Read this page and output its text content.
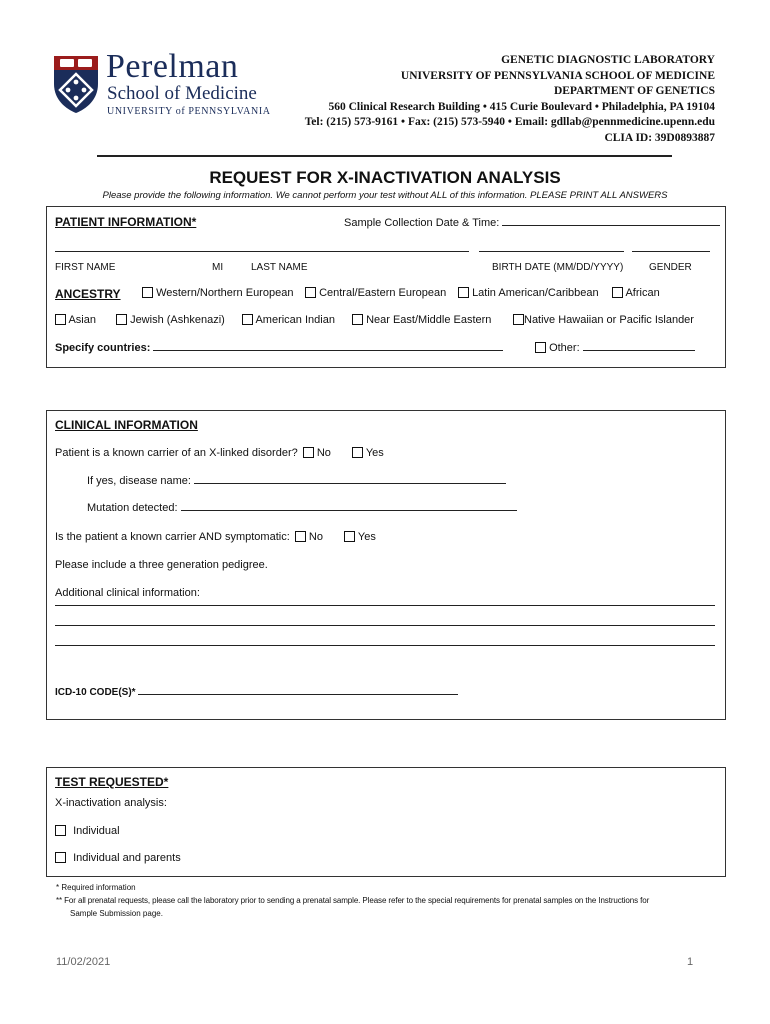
Perelman
School of Medicine
UNIVERSITY of PENNSYLVANIA
GENETIC DIAGNOSTIC LABORATORY
UNIVERSITY OF PENNSYLVANIA SCHOOL OF MEDICINE
DEPARTMENT OF GENETICS
560 Clinical Research Building • 415 Curie Boulevard • Philadelphia, PA 19104
Tel: (215) 573-9161 • Fax: (215) 573-5940 • Email: gdllab@pennmedicine.upenn.edu
CLIA ID: 39D0893887
REQUEST FOR X-INACTIVATION ANALYSIS
Please provide the following information. We cannot perform your test without ALL of this information. PLEASE PRINT ALL ANSWERS
PATIENT INFORMATION*	Sample Collection Date & Time:
FIRST NAME	MI	LAST NAME	BIRTH DATE (MM/DD/YYYY)	GENDER
ANCESTRY	Western/Northern European	Central/Eastern European	Latin American/Caribbean	African
Asian	Jewish (Ashkenazi)	American Indian	Near East/Middle Eastern	Native Hawaiian or Pacific Islander
Specify countries:	Other:
CLINICAL INFORMATION
Patient is a known carrier of an X-linked disorder? No	Yes
If yes, disease name:
Mutation detected:
Is the patient a known carrier AND symptomatic: No	Yes
Please include a three generation pedigree.
Additional clinical information:
ICD-10 CODE(S)*
TEST REQUESTED*
X-inactivation analysis:
Individual
Individual and parents
* Required information
** For all prenatal requests, please call the laboratory prior to sending a prenatal sample. Please refer to the special requirements for prenatal samples on the Instructions for
Sample Submission page.
11/02/2021	1
